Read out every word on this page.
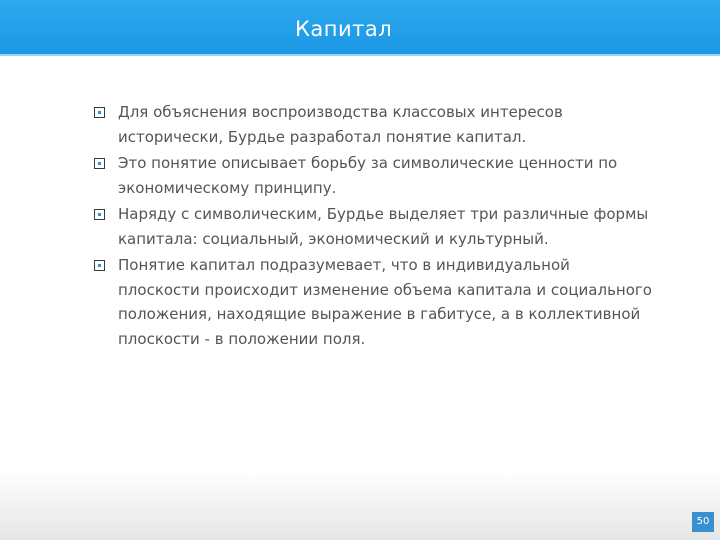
Капитал
Для объяснения воспроизводства классовых интересов исторически, Бурдье разработал понятие капитал.
Это понятие описывает борьбу за символические ценности по экономическому принципу.
Наряду с символическим, Бурдье выделяет три различные формы капитала: социальный, экономический и культурный.
Понятие капитал подразумевает, что в индивидуальной плоскости происходит изменение объема капитала и социального положения, находящие выражение в габитусе, а в коллективной плоскости - в положении поля.
50
